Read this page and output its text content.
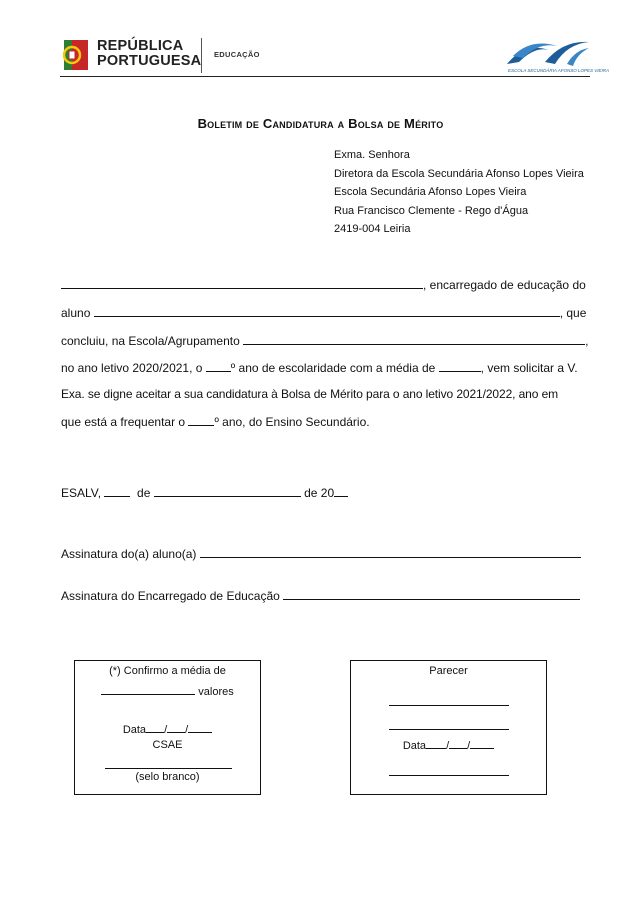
REPÚBLICA
PORTUGUESA EDUCAÇÃO
ESCOLA SECUNDÁRIA AFONSO LOPES VIEIRA
Boletim de Candidatura a Bolsa de Mérito
Exma. Senhora
Diretora da Escola Secundária Afonso Lopes Vieira
Escola Secundária Afonso Lopes Vieira
Rua Francisco Clemente - Rego d'Água
2419-004 Leiria
, encarregado de educação do
aluno	, que
concluiu, na Escola/Agrupamento	,
no ano letivo 2020/2021, o º ano de escolaridade com a média de	, vem solicitar a V.
Exa. se digne aceitar a sua candidatura à Bolsa de Mérito para o ano letivo 2021/2022, ano em
que está a frequentar o º ano, do Ensino Secundário.
ESALV,	de	de 20
Assinatura do(a) aluno(a)
Assinatura do Encarregado de Educação
(*) Confirmo a média de
valores
Data / /
CSAE
(selo branco)
Parecer
Data / /
